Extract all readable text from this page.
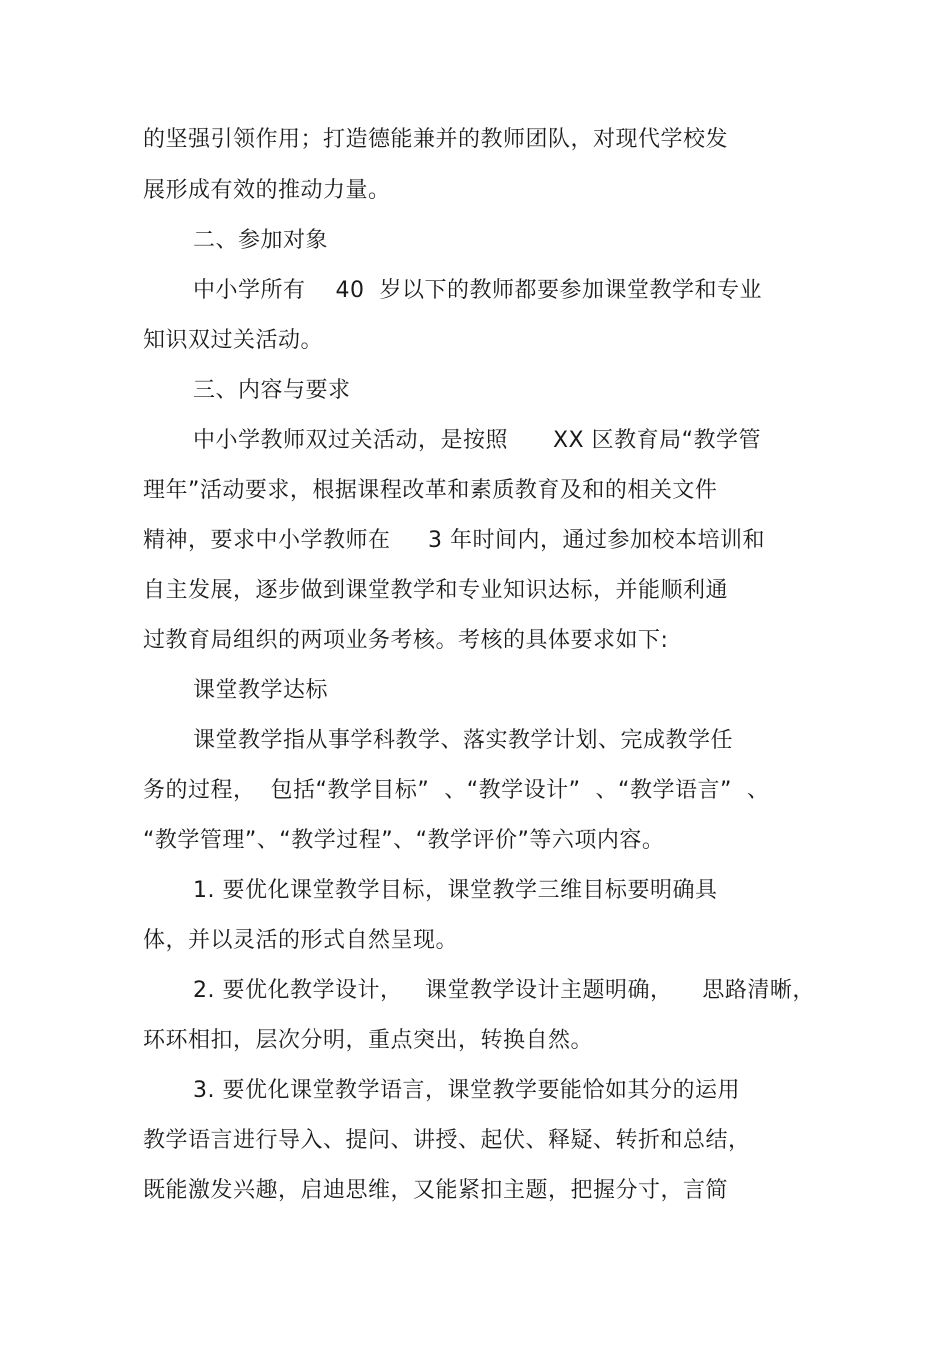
的坚强引领作用；打造德能兼并的教师团队，对现代学校发
展形成有效的推动力量。
二、参加对象
中小学所有    40  岁以下的教师都要参加课堂教学和专业
知识双过关活动。
三、内容与要求
中小学教师双过关活动，是按照      XX 区教育局“教学管
理年”活动要求，根据课程改革和素质教育及和的相关文件
精神，要求中小学教师在     3 年时间内，通过参加校本培训和
自主发展，逐步做到课堂教学和专业知识达标，并能顺利通
过教育局组织的两项业务考核。考核的具体要求如下:
课堂教学达标
课堂教学指从事学科教学、落实教学计划、完成教学任
务的过程，  包括“教学目标”  、“教学设计”  、“教学语言”  、
“教学管理”、“教学过程”、“教学评价”等六项内容。
1. 要优化课堂教学目标，课堂教学三维目标要明确具
体，并以灵活的形式自然呈现。
2. 要优化教学设计，   课堂教学设计主题明确，    思路清晰，
环环相扣，层次分明，重点突出，转换自然。
3. 要优化课堂教学语言，课堂教学要能恰如其分的运用
教学语言进行导入、提问、讲授、起伏、释疑、转折和总结，
既能激发兴趣，启迪思维，又能紧扣主题，把握分寸，言简
